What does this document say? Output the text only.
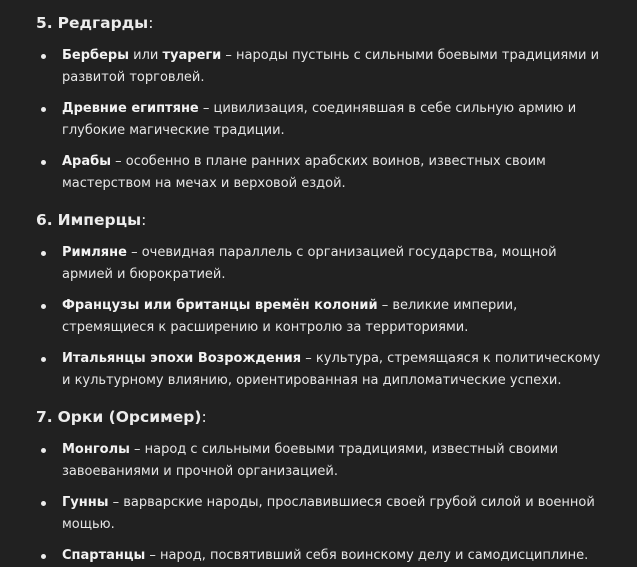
5. Редгарды:
Берберы или туареги – народы пустынь с сильными боевыми традициями и развитой торговлей.
Древние египтяне – цивилизация, соединявшая в себе сильную армию и глубокие магические традиции.
Арабы – особенно в плане ранних арабских воинов, известных своим мастерством на мечах и верховой ездой.
6. Имперцы:
Римляне – очевидная параллель с организацией государства, мощной армией и бюрократией.
Французы или британцы времён колоний – великие империи, стремящиеся к расширению и контролю за территориями.
Итальянцы эпохи Возрождения – культура, стремящаяся к политическому и культурному влиянию, ориентированная на дипломатические успехи.
7. Орки (Орсимер):
Монголы – народ с сильными боевыми традициями, известный своими завоеваниями и прочной организацией.
Гунны – варварские народы, прославившиеся своей грубой силой и военной мощью.
Спартанцы – народ, посвятивший себя воинскому делу и самодисциплине.
